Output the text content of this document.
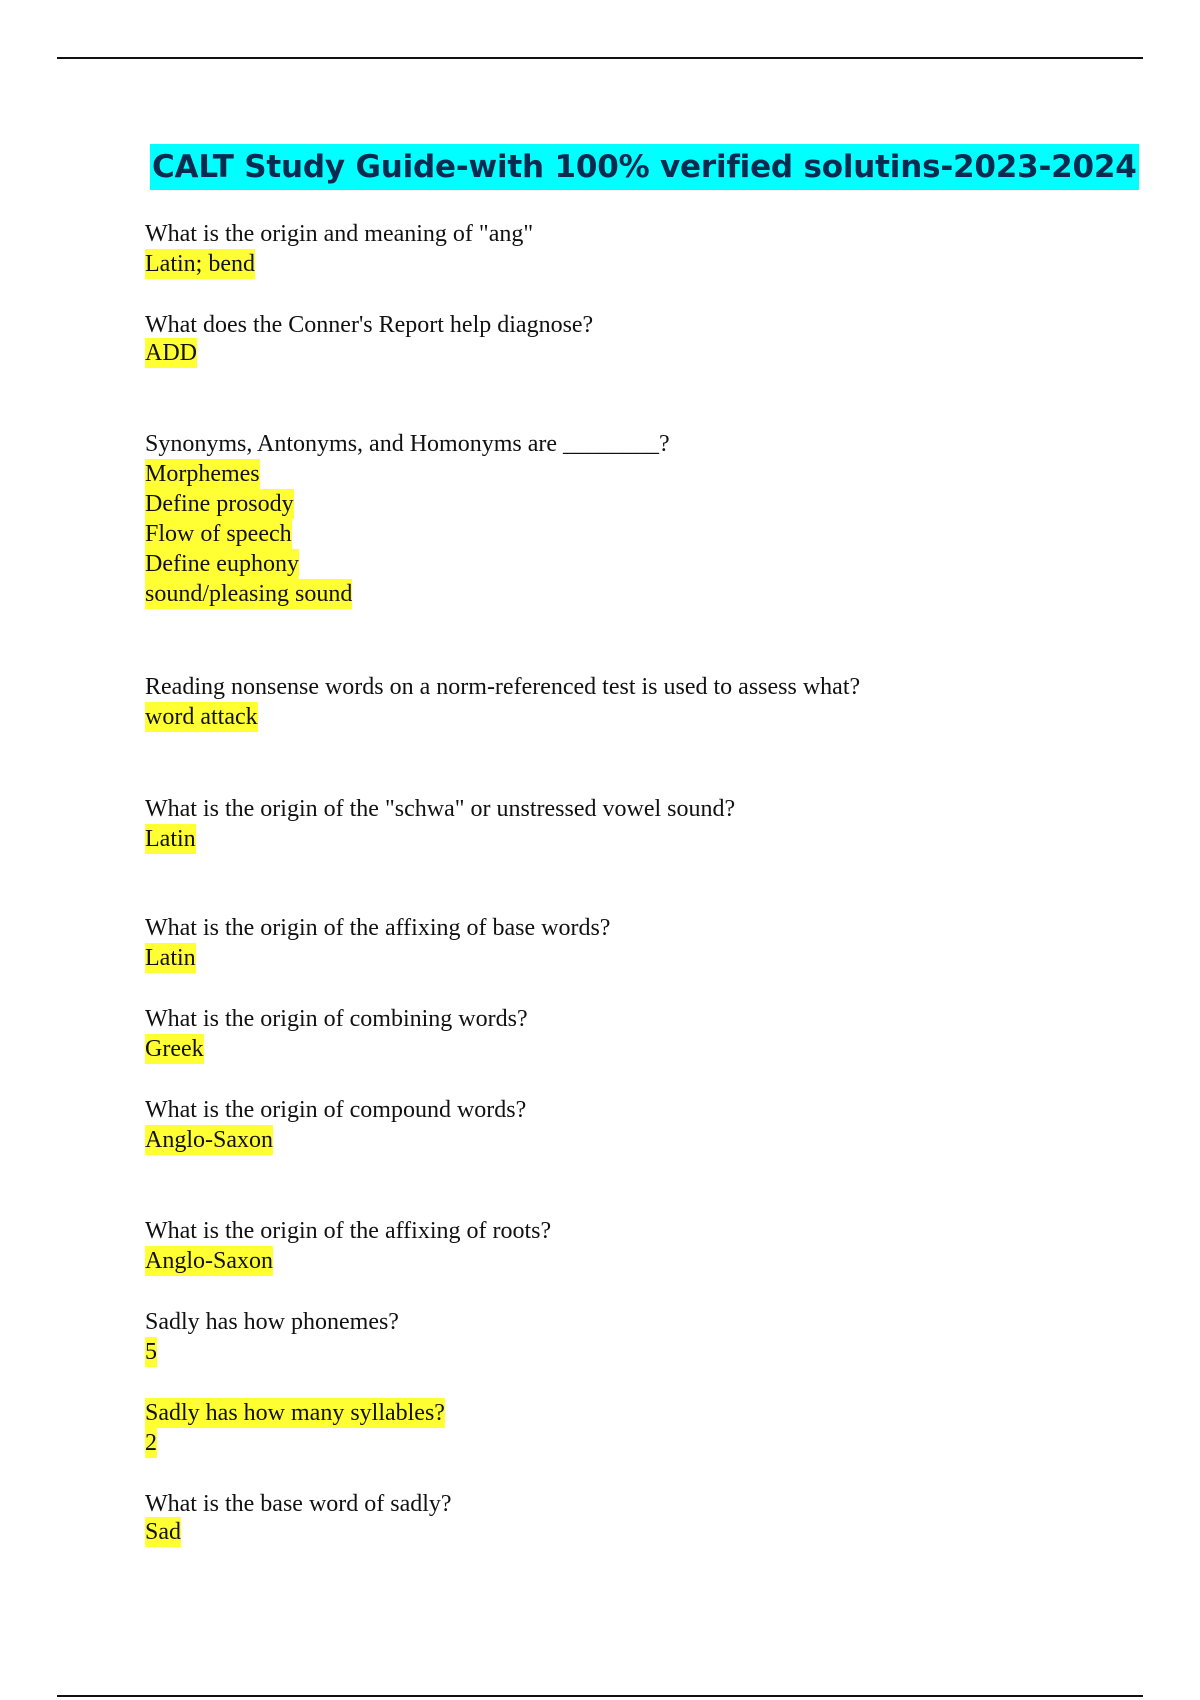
CALT Study Guide-with 100% verified solutins-2023-2024
What is the origin and meaning of "ang"
Latin; bend
What does the Conner's Report help diagnose?
ADD
Synonyms, Antonyms, and Homonyms are ________?
Morphemes
Define prosody
Flow of speech
Define euphony
sound/pleasing sound
Reading nonsense words on a norm-referenced test is used to assess what?
word attack
What is the origin of the "schwa" or unstressed vowel sound?
Latin
What is the origin of the affixing of base words?
Latin
What is the origin of combining words?
Greek
What is the origin of compound words?
Anglo-Saxon
What is the origin of the affixing of roots?
Anglo-Saxon
Sadly has how phonemes?
5
Sadly has how many syllables?
2
What is the base word of sadly?
Sad
